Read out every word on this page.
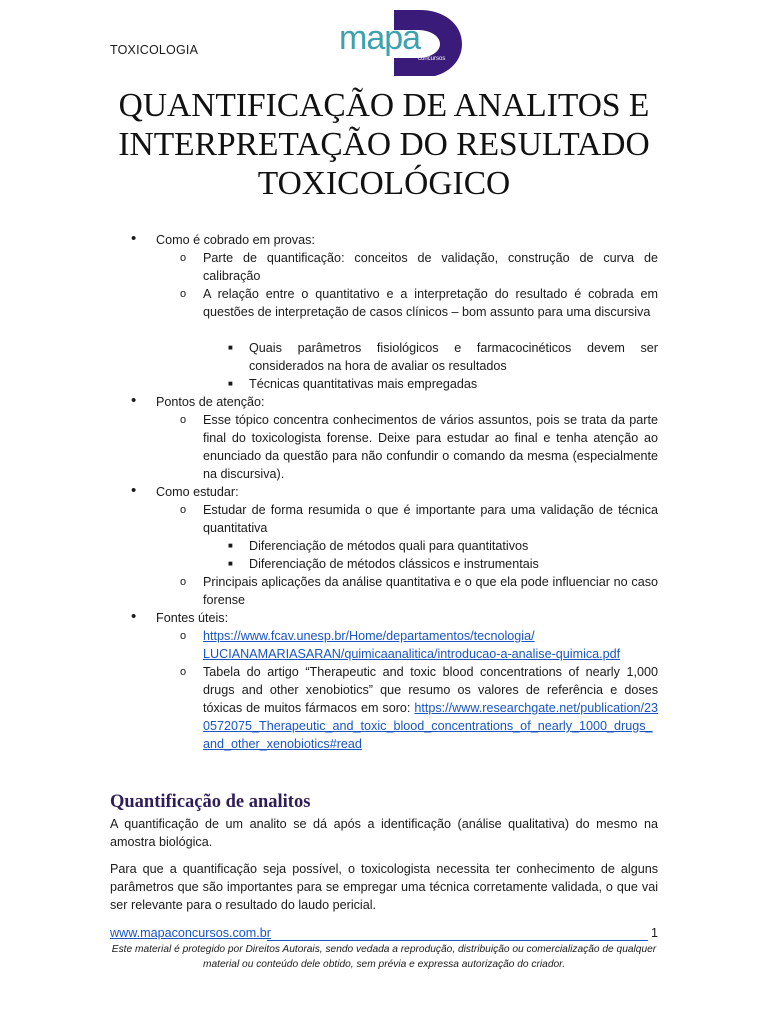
TOXICOLOGIA	mapa
concursos
QUANTIFICAÇÃO DE ANALITOS E INTERPRETAÇÃO DO RESULTADO TOXICOLÓGICO
• Como é cobrado em provas:
o Parte de quantificação: conceitos de validação, construção de curva de calibração
o A relação entre o quantitativo e a interpretação do resultado é cobrada em questões de interpretação de casos clínicos – bom assunto para uma discursiva
■ Quais parâmetros fisiológicos e farmacocinéticos devem ser considerados na hora de avaliar os resultados
■ Técnicas quantitativas mais empregadas
• Pontos de atenção:
o Esse tópico concentra conhecimentos de vários assuntos, pois se trata da parte final do toxicologista forense. Deixe para estudar ao final e tenha atenção ao enunciado da questão para não confundir o comando da mesma (especialmente na discursiva).
• Como estudar:
o Estudar de forma resumida o que é importante para uma validação de técnica quantitativa
■ Diferenciação de métodos quali para quantitativos
■ Diferenciação de métodos clássicos e instrumentais
o Principais aplicações da análise quantitativa e o que ela pode influenciar no caso forense
• Fontes úteis:
o https://www.fcav.unesp.br/Home/departamentos/tecnologia/ LUCIANAMARIASARAN/quimicaanalitica/introducao-a-analise-quimica.pdf
o Tabela do artigo “Therapeutic and toxic blood concentrations of nearly 1,000 drugs and other xenobiotics” que resumo os valores de referência e doses tóxicas de muitos fármacos em soro: https://www.researchgate.net/publication/230572075_Therapeutic_and_toxic_blood_concentrations_of_nearly_1000_drugs_and_other_xenobiotics#read
Quantificação de analitos

A quantificação de um analito se dá após a identificação (análise qualitativa) do mesmo na amostra biológica.

Para que a quantificação seja possível, o toxicologista necessita ter conhecimento de alguns parâmetros que são importantes para se empregar uma técnica corretamente validada, o que vai ser relevante para o resultado do laudo pericial.

www.mapaconcursos.com.br	1

Este material é protegido por Direitos Autorais, sendo vedada a reprodução, distribuição ou comercialização de qualquer material ou conteúdo dele obtido, sem prévia e expressa autorização do criador.
